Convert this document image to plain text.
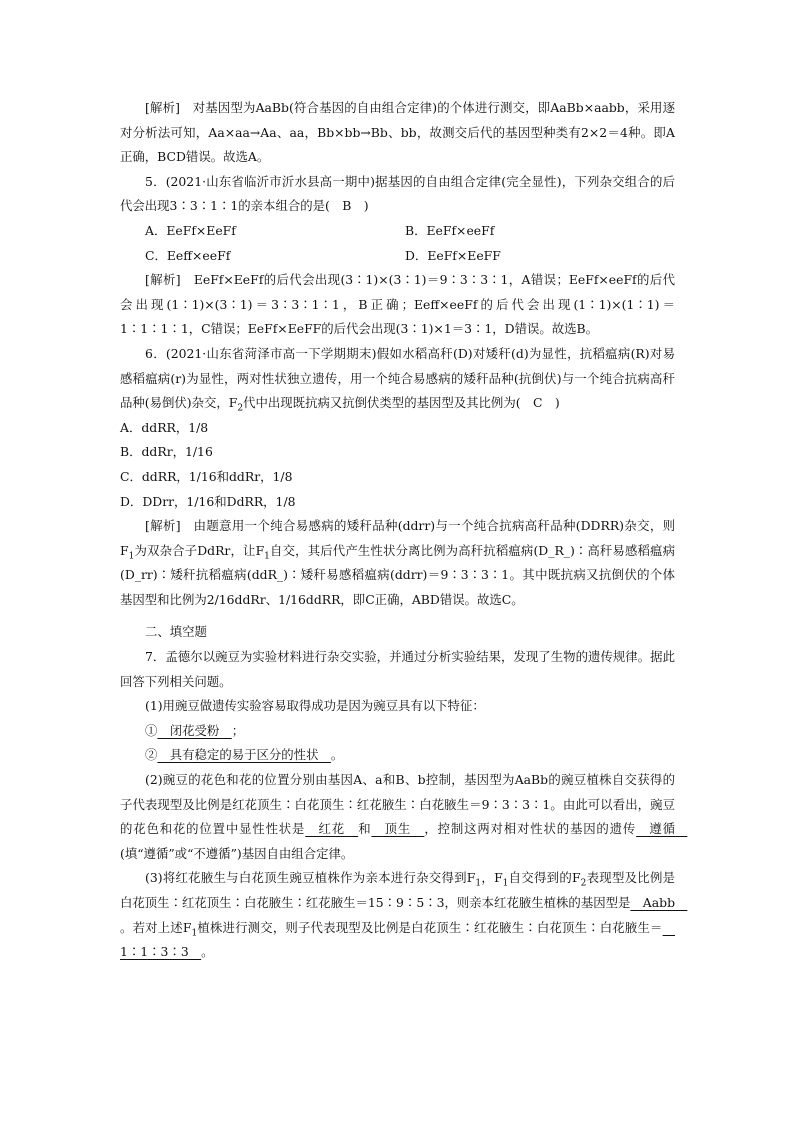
[解析]　对基因型为AaBb(符合基因的自由组合定律)的个体进行测交，即AaBb×aabb，采用逐对分析法可知，Aa×aa→Aa、aa，Bb×bb→Bb、bb，故测交后代的基因型种类有2×2＝4种。即A正确，BCD错误。故选A。

5．(2021·山东省临沂市沂水县高一期中)据基因的自由组合定律(完全显性)，下列杂交组合的后代会出现3∶3∶1∶1的亲本组合的是(　B　)

A．EeFf×EeFf	B．EeFf×eeFf
C．Eeff×eeFf	D．EeFf×EeFF

[解析]　EeFf×EeFf的后代会出现(3∶1)×(3∶1)＝9∶3∶3∶1，A错误；EeFf×eeFf的后代会出现(1∶1)×(3∶1)＝3∶3∶1∶1，B正确；Eeff×eeFf的后代会出现(1∶1)×(1∶1)＝1∶1∶1∶1，C错误；EeFf×EeFF的后代会出现(3∶1)×1＝3∶1，D错误。故选B。

6．(2021·山东省菏泽市高一下学期期末)假如水稻高秆(D)对矮秆(d)为显性，抗稻瘟病(R)对易感稻瘟病(r)为显性，两对性状独立遗传，用一个纯合易感病的矮秆品种(抗倒伏)与一个纯合抗病高秆品种(易倒伏)杂交，$F_2$代中出现既抗病又抗倒伏类型的基因型及其比例为(　C　)

A．ddRR，1/8

B．ddRr，1/16

C．ddRR，1/16和ddRr，1/8

D．DDrr，1/16和DdRR，1/8

[解析]　由题意用一个纯合易感病的矮秆品种(ddrr)与一个纯合抗病高秆品种(DDRR)杂交，则$F_1$为双杂合子DdRr，让$F_1$自交，其后代产生性状分离比例为高秆抗稻瘟病(D_R_)∶高秆易感稻瘟病(D_rr)∶矮秆抗稻瘟病(ddR_)∶矮秆易感稻瘟病(ddrr)＝9∶3∶3∶1。其中既抗病又抗倒伏的个体基因型和比例为2/16ddRr、1/16ddRR，即C正确，ABD错误。故选C。

二、填空题

7．孟德尔以豌豆为实验材料进行杂交实验，并通过分析实验结果，发现了生物的遗传规律。据此回答下列相关问题。

(1)用豌豆做遗传实验容易取得成功是因为豌豆具有以下特征：

①　闭花受粉　；

②　具有稳定的易于区分的性状　。

(2)豌豆的花色和花的位置分别由基因A、a和B、b控制，基因型为AaBb的豌豆植株自交获得的子代表现型及比例是红花顶生∶白花顶生∶红花腋生∶白花腋生＝9∶3∶3∶1。由此可以看出，豌豆的花色和花的位置中显性性状是　红花　和　顶生　，控制这两对相对性状的基因的遗传　遵循　(填“遵循”或“不遵循”)基因自由组合定律。

(3)将红花腋生与白花顶生豌豆植株作为亲本进行杂交得到$F_1$，$F_1$自交得到的$F_2$表现型及比例是白花顶生∶红花顶生∶白花腋生∶红花腋生＝15∶9∶5∶3，则亲本红花腋生植株的基因型是　Aabb　。若对上述$F_1$植株进行测交，则子代表现型及比例是白花顶生∶红花腋生∶白花顶生∶白花腋生＝　1∶1∶3∶3　。
